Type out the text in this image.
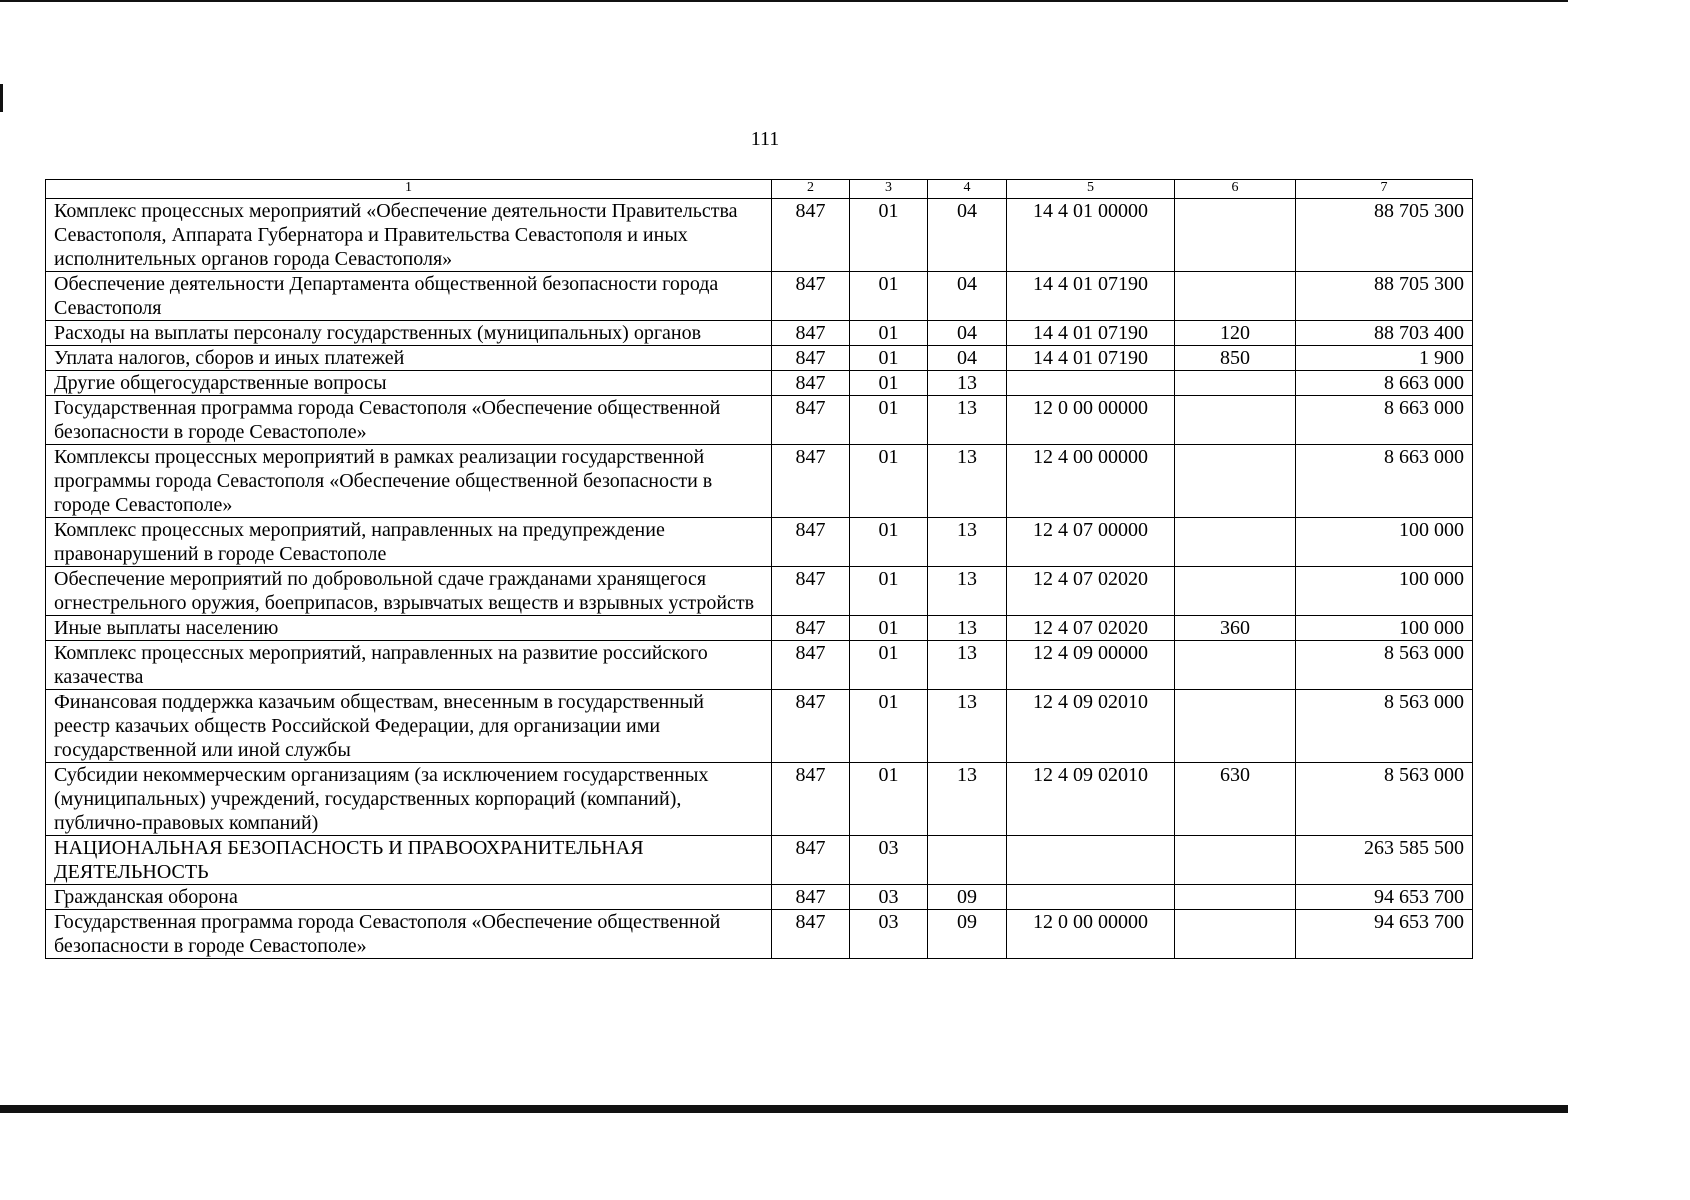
111
1	2	3	4	5	6	7
Комплекс процессных мероприятий «Обеспечение деятельности Правительства Севастополя, Аппарата Губернатора и Правительства Севастополя и иных исполнительных органов города Севастополя»	847	01	04	14 4 01 00000		88 705 300
Обеспечение деятельности Департамента общественной безопасности города Севастополя	847	01	04	14 4 01 07190		88 705 300
Расходы на выплаты персоналу государственных (муниципальных) органов	847	01	04	14 4 01 07190	120	88 703 400
Уплата налогов, сборов и иных платежей	847	01	04	14 4 01 07190	850	1 900
Другие общегосударственные вопросы	847	01	13			8 663 000
Государственная программа города Севастополя «Обеспечение общественной безопасности в городе Севастополе»	847	01	13	12 0 00 00000		8 663 000
Комплексы процессных мероприятий в рамках реализации государственной программы города Севастополя «Обеспечение общественной безопасности в городе Севастополе»	847	01	13	12 4 00 00000		8 663 000
Комплекс процессных мероприятий, направленных на предупреждение правонарушений в городе Севастополе	847	01	13	12 4 07 00000		100 000
Обеспечение мероприятий по добровольной сдаче гражданами хранящегося огнестрельного оружия, боеприпасов, взрывчатых веществ и взрывных устройств	847	01	13	12 4 07 02020		100 000
Иные выплаты населению	847	01	13	12 4 07 02020	360	100 000
Комплекс процессных мероприятий, направленных на развитие российского казачества	847	01	13	12 4 09 00000		8 563 000
Финансовая поддержка казачьим обществам, внесенным в государственный реестр казачьих обществ Российской Федерации, для организации ими государственной или иной службы	847	01	13	12 4 09 02010		8 563 000
Субсидии некоммерческим организациям (за исключением государственных (муниципальных) учреждений, государственных корпораций (компаний), публично-правовых компаний)	847	01	13	12 4 09 02010	630	8 563 000
НАЦИОНАЛЬНАЯ БЕЗОПАСНОСТЬ И ПРАВООХРАНИТЕЛЬНАЯ ДЕЯТЕЛЬНОСТЬ	847	03				263 585 500
Гражданская оборона	847	03	09			94 653 700
Государственная программа города Севастополя «Обеспечение общественной безопасности в городе Севастополе»	847	03	09	12 0 00 00000		94 653 700
